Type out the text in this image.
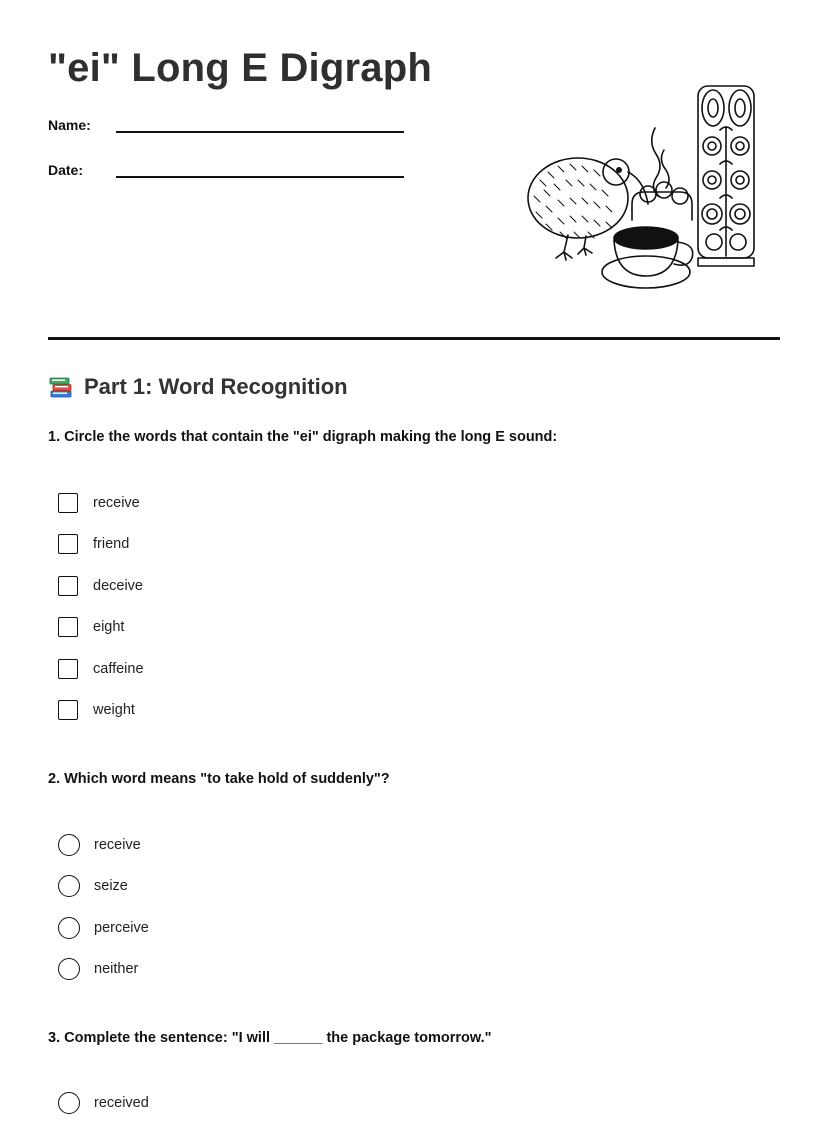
"ei" Long E Digraph
Name:
Date:
Part 1: Word Recognition
1. Circle the words that contain the "ei" digraph making the long E sound:
receive
friend
deceive
eight
caffeine
weight
2. Which word means "to take hold of suddenly"?
receive
seize
perceive
neither
3. Complete the sentence: "I will ______ the package tomorrow."
received
